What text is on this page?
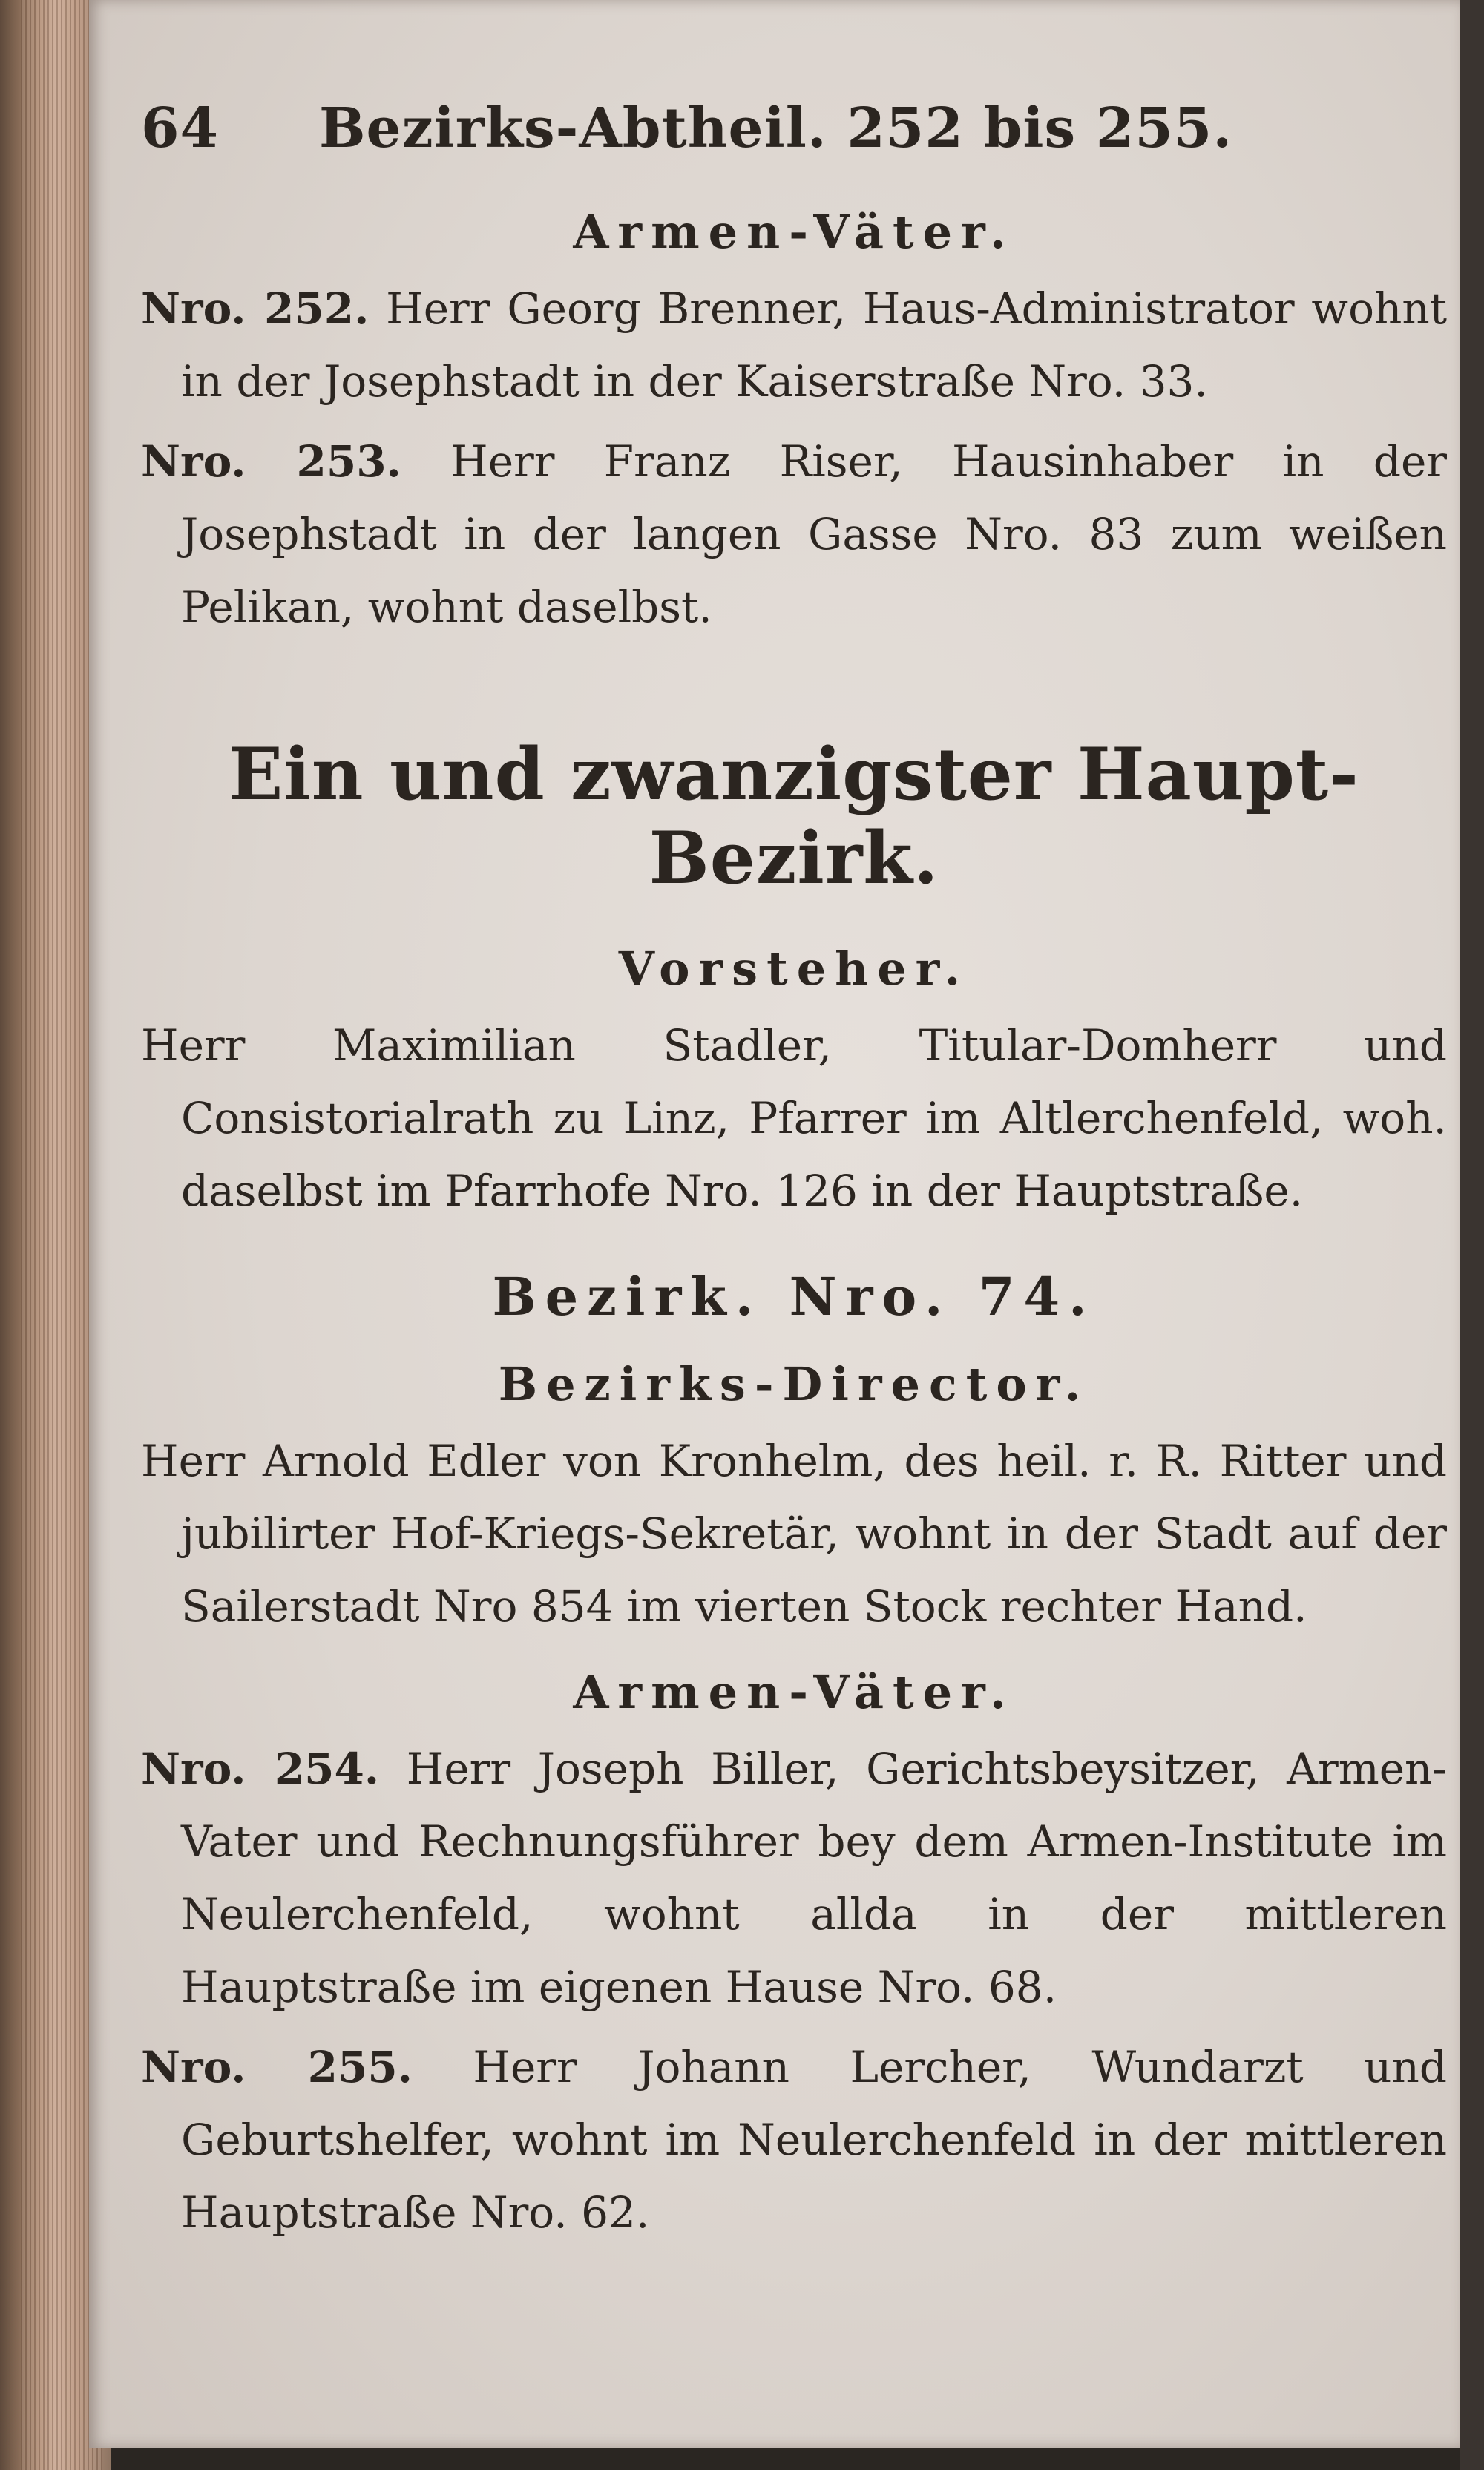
64	Bezirks-Abtheil. 252 bis 255.
Armen-Väter.

Nro. 252. Herr Georg Brenner, Haus-Administrator wohnt in der Josephstadt in der Kaiserstraße Nro. 33.

Nro. 253. Herr Franz Riser, Hausinhaber in der Josephstadt in der langen Gasse Nro. 83 zum weißen Pelikan, wohnt daselbst.

Ein und zwanzigster Haupt-Bezirk.
Vorsteher.

Herr Maximilian Stadler, Titular-Domherr und Consistorialrath zu Linz, Pfarrer im Altlerchenfeld, woh. daselbst im Pfarrhofe Nro. 126 in der Hauptstraße.

Bezirk. Nro. 74.
Bezirks-Director.

Herr Arnold Edler von Kronhelm, des heil. r. R. Ritter und jubilirter Hof-Kriegs-Sekretär, wohnt in der Stadt auf der Sailerstadt Nro 854 im vierten Stock rechter Hand.

Armen-Väter.

Nro. 254. Herr Joseph Biller, Gerichtsbeysitzer, Armen-Vater und Rechnungsführer bey dem Armen-Institute im Neulerchenfeld, wohnt allda in der mittleren Hauptstraße im eigenen Hause Nro. 68.

Nro. 255. Herr Johann Lercher, Wundarzt und Geburtshelfer, wohnt im Neulerchenfeld in der mittleren Hauptstraße Nro. 62.
